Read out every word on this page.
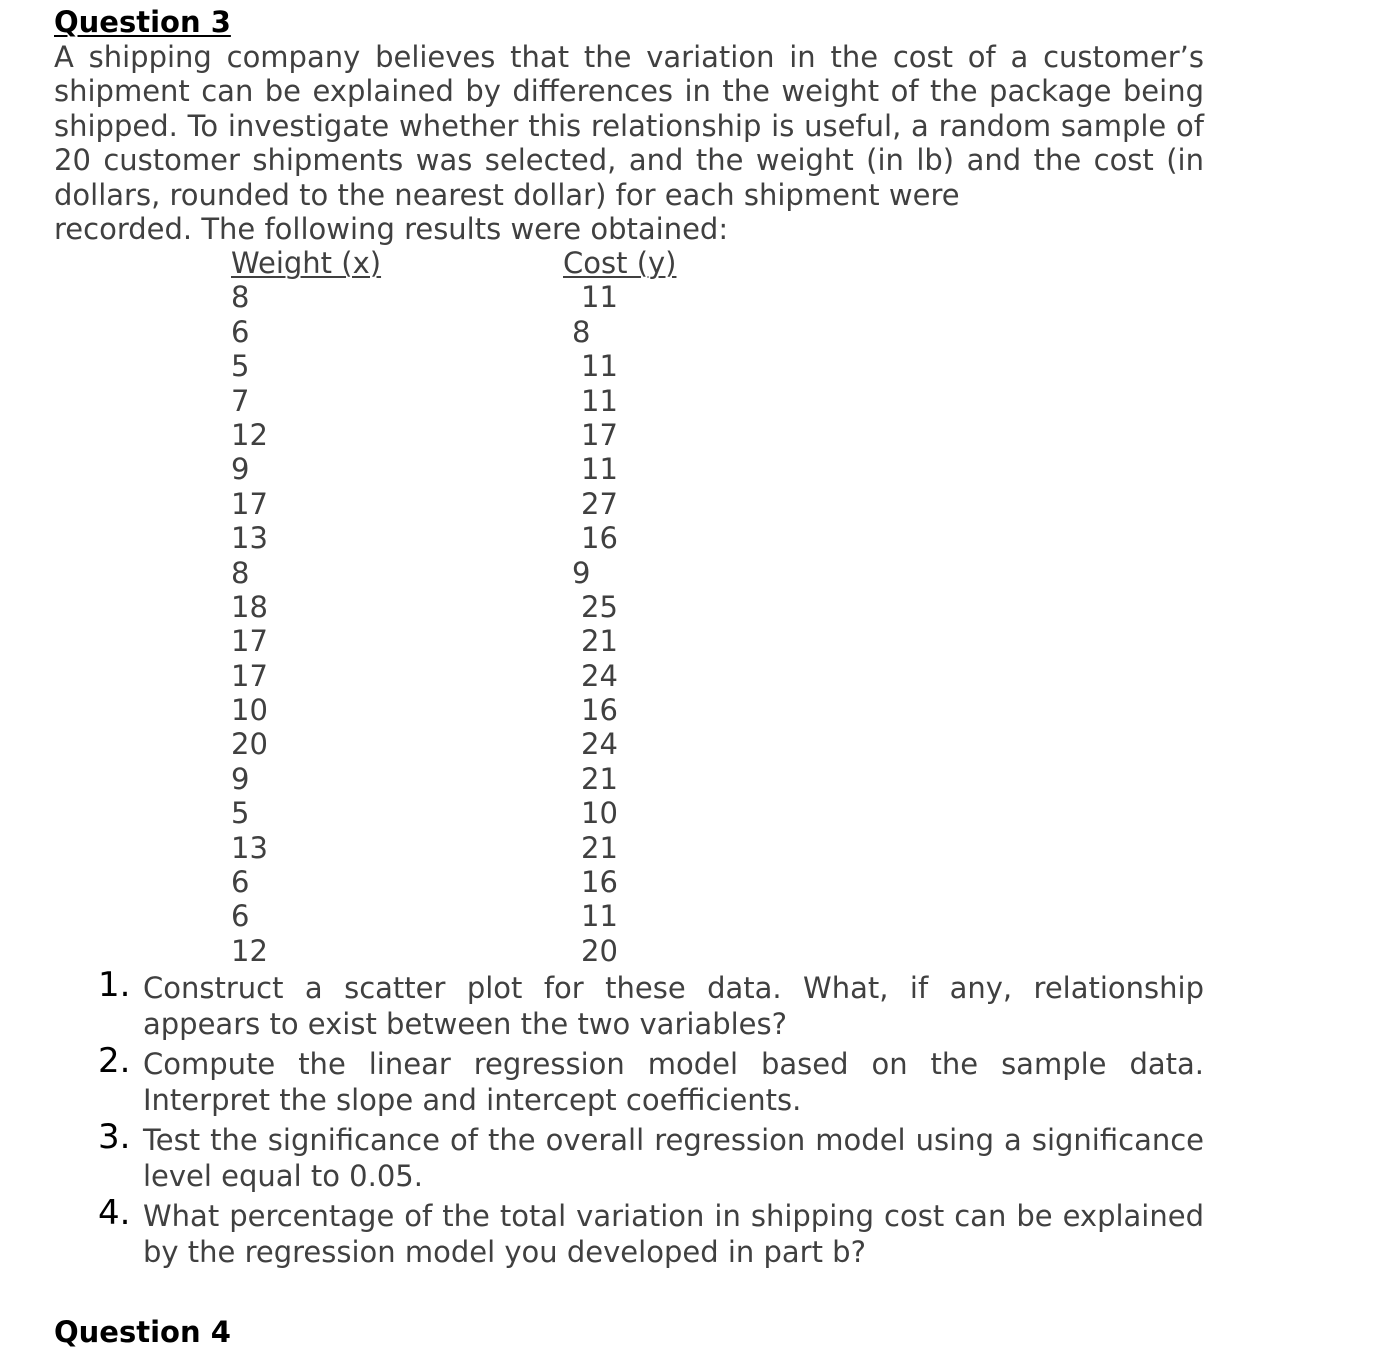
Question 3

A shipping company believes that the variation in the cost of a customer’s shipment can be explained by differences in the weight of the package being shipped. To investigate whether this relationship is useful, a random sample of 20 customer shipments was selected, and the weight (in lb) and the cost (in dollars, rounded to the nearest dollar) for each shipment were

recorded. The following results were obtained:

Weight (x)	Cost (y)
8
6
5
7
12
9
17
13
8
18
17
17
10
20
9
5
13
6
6
12
11
8
11
11
17
11
27
16
9
25
21
24
16
24
21
10
21
16
11
20
1. Construct a scatter plot for these data. What, if any, relationship appears to exist between the two variables?
2. Compute the linear regression model based on the sample data. Interpret the slope and intercept coefficients.
3. Test the significance of the overall regression model using a significance level equal to 0.05.
4. What percentage of the total variation in shipping cost can be explained by the regression model you developed in part b?
Question 4
